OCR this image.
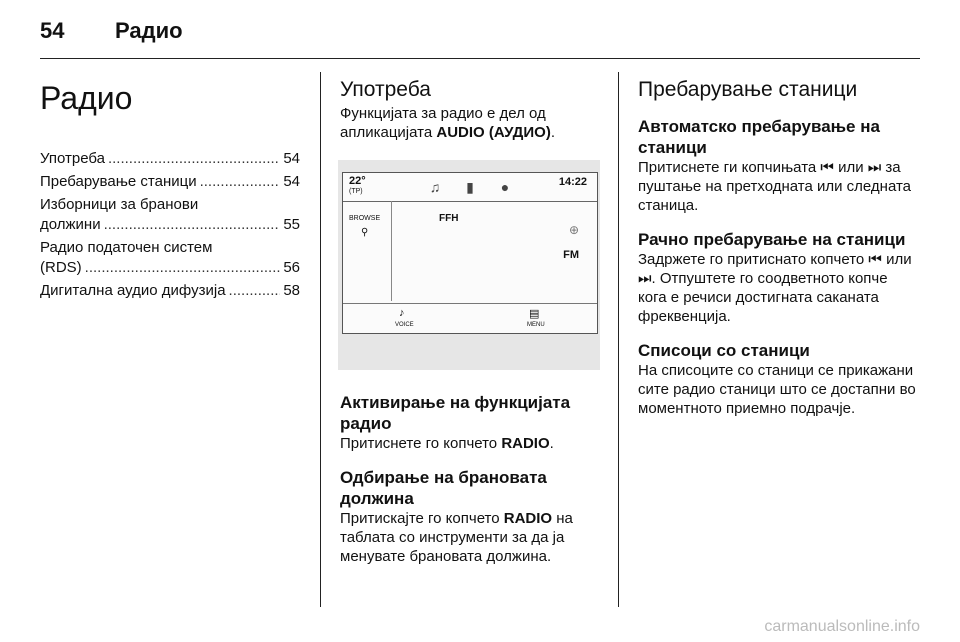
54 Радио
Радио
Употреба .....	54
Пребарување станици .....	54
Изборници за бранови
должини .....	55
Радио податочен систем
(RDS) .....	56
Дигитална аудио дифузија .....	58
Употреба

Функцијата за радио е дел од апликацијата AUDIO (АУДИО).

22°
(TP)	♫	▮	●	14:22
BROWSE
⚲
FFH
⊕
FM
♪
VOICE
▤
MENU
Активирање на функцијата радио

Притиснете го копчето RADIO.

Одбирање на брановата должина

Притискајте го копчето RADIO на таблата со инструменти за да ја менувате брановата должина.

Пребарување станици
Автоматско пребарување на станици

Притиснете ги копчињата ⏮ или ⏭ за пуштање на претходната или следната станица.

Рачно пребарување на станици

Задржете го притиснато копчето ⏮ или ⏭. Отпуштете го соодветното копче кога е речиси достигната саканата фреквенција.

Списоци со станици

На списоците со станици се прикажани сите радио станици што се достапни во моментното приемно подрачје.

carmanualsonline.info
